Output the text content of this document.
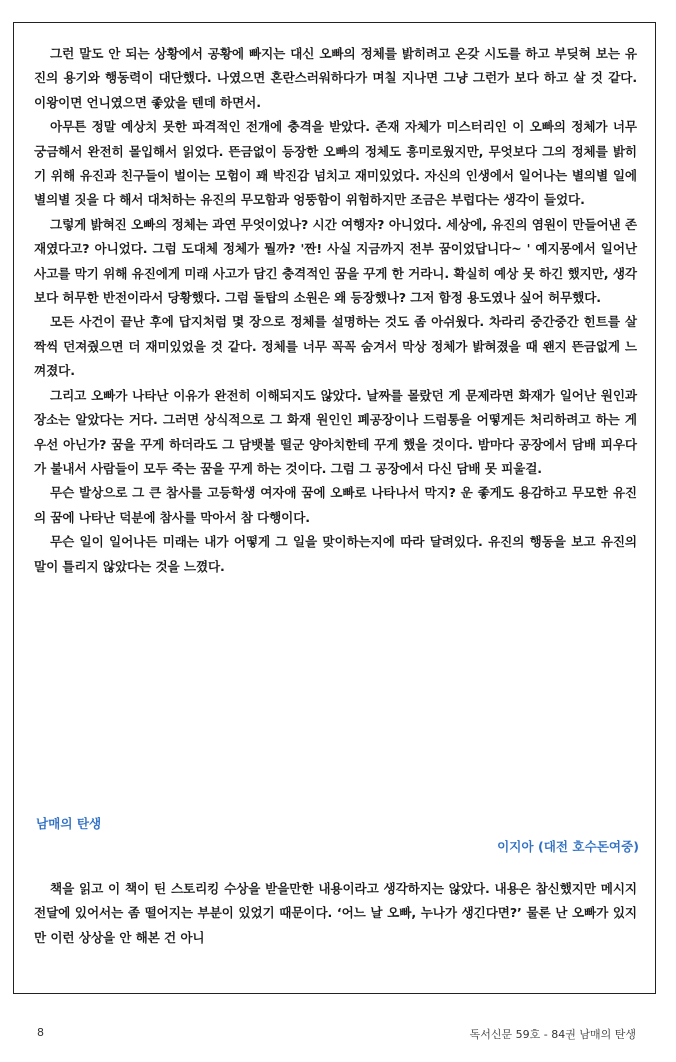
그런 말도 안 되는 상황에서 공황에 빠지는 대신 오빠의 정체를 밝히려고 온갖 시도를 하고 부딪혀 보는 유진의 용기와 행동력이 대단했다. 나였으면 혼란스러워하다가 며칠 지나면 그냥 그런가 보다 하고 살 것 같다. 이왕이면 언니였으면 좋았을 텐데 하면서.

아무튼 정말 예상치 못한 파격적인 전개에 충격을 받았다. 존재 자체가 미스터리인 이 오빠의 정체가 너무 궁금해서 완전히 몰입해서 읽었다. 뜬금없이 등장한 오빠의 정체도 흥미로웠지만, 무엇보다 그의 정체를 밝히기 위해 유진과 친구들이 벌이는 모험이 꽤 박진감 넘치고 재미있었다. 자신의 인생에서 일어나는 별의별 일에 별의별 짓을 다 해서 대처하는 유진의 무모함과 엉뚱함이 위험하지만 조금은 부럽다는 생각이 들었다.

그렇게 밝혀진 오빠의 정체는 과연 무엇이었나? 시간 여행자? 아니었다. 세상에, 유진의 염원이 만들어낸 존재였다고? 아니었다. 그럼 도대체 정체가 뭘까? '짠! 사실 지금까지 전부 꿈이었답니다~ ' 예지몽에서 일어난 사고를 막기 위해 유진에게 미래 사고가 담긴 충격적인 꿈을 꾸게 한 거라니. 확실히 예상 못 하긴 했지만, 생각보다 허무한 반전이라서 당황했다. 그럼 돌탑의 소원은 왜 등장했나? 그저 함정 용도였나 싶어 허무했다.

모든 사건이 끝난 후에 답지처럼 몇 장으로 정체를 설명하는 것도 좀 아쉬웠다. 차라리 중간중간 힌트를 살짝씩 던져줬으면 더 재미있었을 것 같다. 정체를 너무 꼭꼭 숨겨서 막상 정체가 밝혀졌을 때 왠지 뜬금없게 느껴졌다.

그리고 오빠가 나타난 이유가 완전히 이해되지도 않았다. 날짜를 몰랐던 게 문제라면 화재가 일어난 원인과 장소는 알았다는 거다. 그러면 상식적으로 그 화재 원인인 폐공장이나 드럼통을 어떻게든 처리하려고 하는 게 우선 아닌가? 꿈을 꾸게 하더라도 그 담뱃불 떨군 양아치한테 꾸게 했을 것이다. 밤마다 공장에서 담배 피우다가 불내서 사람들이 모두 죽는 꿈을 꾸게 하는 것이다. 그럼 그 공장에서 다신 담배 못 피울걸.

무슨 발상으로 그 큰 참사를 고등학생 여자애 꿈에 오빠로 나타나서 막지? 운 좋게도 용감하고 무모한 유진의 꿈에 나타난 덕분에 참사를 막아서 참 다행이다.

무슨 일이 일어나든 미래는 내가 어떻게 그 일을 맞이하는지에 따라 달려있다. 유진의 행동을 보고 유진의 말이 틀리지 않았다는 것을 느꼈다.

남매의 탄생

이지아 (대전 호수돈여중)

책을 읽고 이 책이 틴 스토리킹 수상을 받을만한 내용이라고 생각하지는 않았다. 내용은 참신했지만 메시지 전달에 있어서는 좀 떨어지는 부분이 있었기 때문이다. ‘어느 날 오빠, 누나가 생긴다면?’ 물론 난 오빠가 있지만 이런 상상을 안 해본 건 아니

8	독서신문 59호 - 84권 남매의 탄생
